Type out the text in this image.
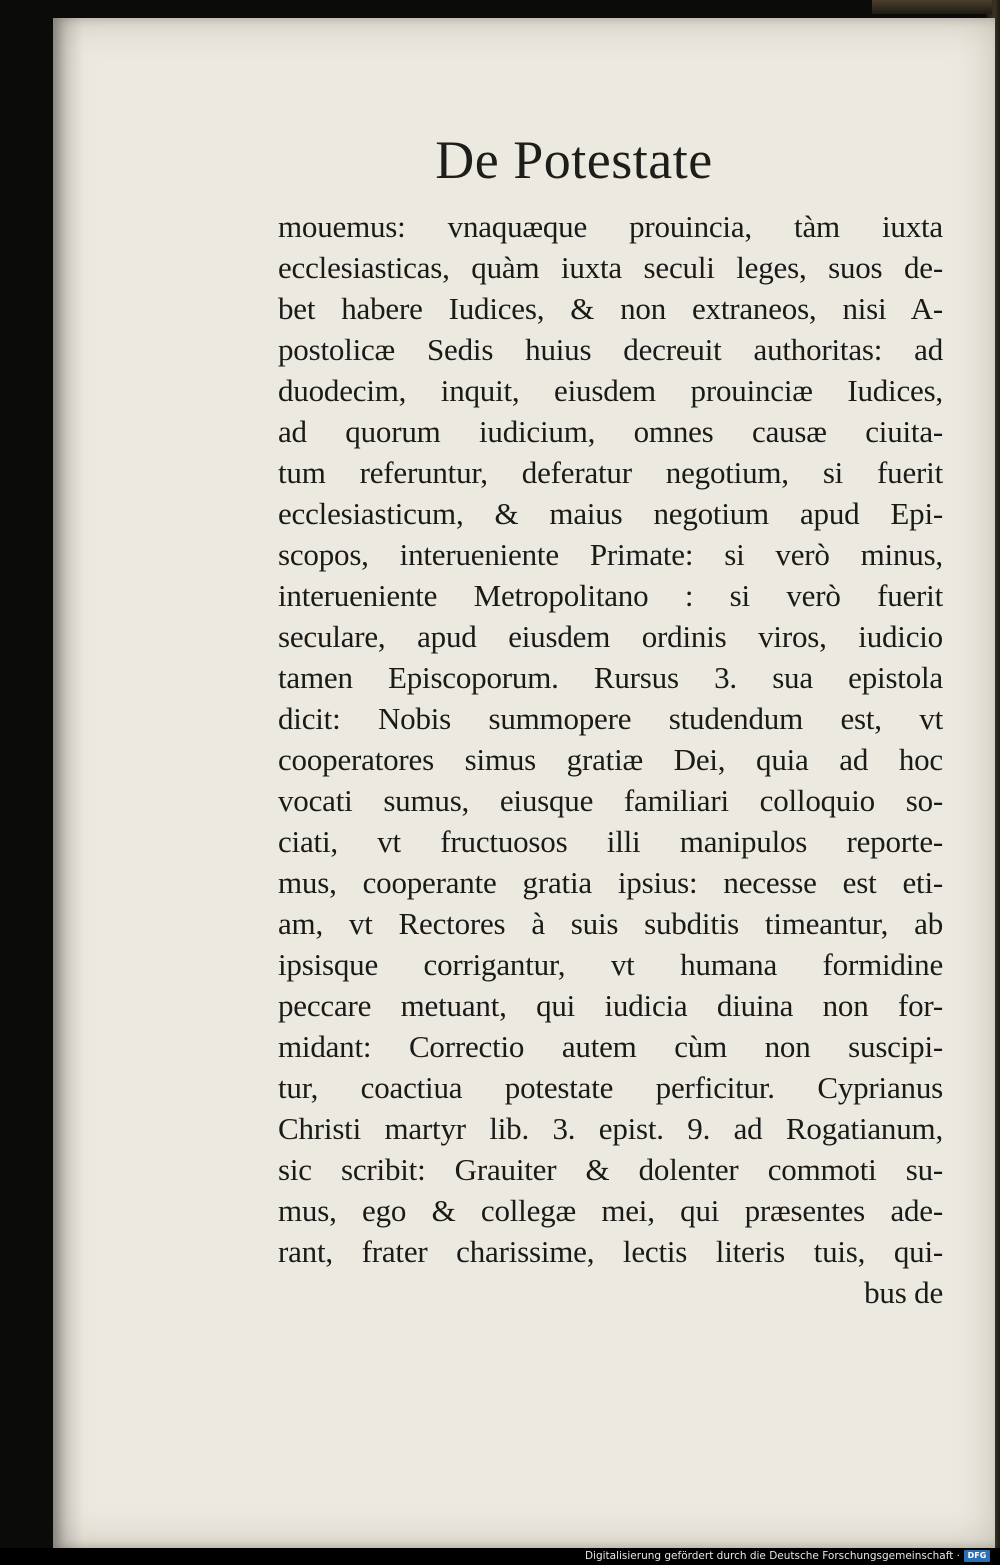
De Potestate
mouemus: vnaquæque prouincia, tàm iuxta
ecclesiasticas, quàm iuxta seculi leges, suos de-
bet habere Iudices, & non extraneos, nisi A-
postolicæ Sedis huius decreuit authoritas: ad
duodecim, inquit, eiusdem prouinciæ Iudices,
ad quorum iudicium, omnes causæ ciuita-
tum referuntur, deferatur negotium, si fuerit
ecclesiasticum, & maius negotium apud Epi-
scopos, interueniente Primate: si verò minus,
interueniente Metropolitano : si verò fuerit
seculare, apud eiusdem ordinis viros, iudicio
tamen Episcoporum. Rursus 3. sua epistola
dicit: Nobis summopere studendum est, vt
cooperatores simus gratiæ Dei, quia ad hoc
vocati sumus, eiusque familiari colloquio so-
ciati, vt fructuosos illi manipulos reporte-
mus, cooperante gratia ipsius: necesse est eti-
am, vt Rectores à suis subditis timeantur, ab
ipsisque corrigantur, vt humana formidine
peccare metuant, qui iudicia diuina non for-
midant: Correctio autem cùm non suscipi-
tur, coactiua potestate perficitur. Cyprianus
Christi martyr lib. 3. epist. 9. ad Rogatianum,
sic scribit: Grauiter & dolenter commoti su-
mus, ego & collegæ mei, qui præsentes ade-
rant, frater charissime, lectis literis tuis, qui-
bus de
Digitalisierung gefördert durch die Deutsche Forschungsgemeinschaft · DFG
